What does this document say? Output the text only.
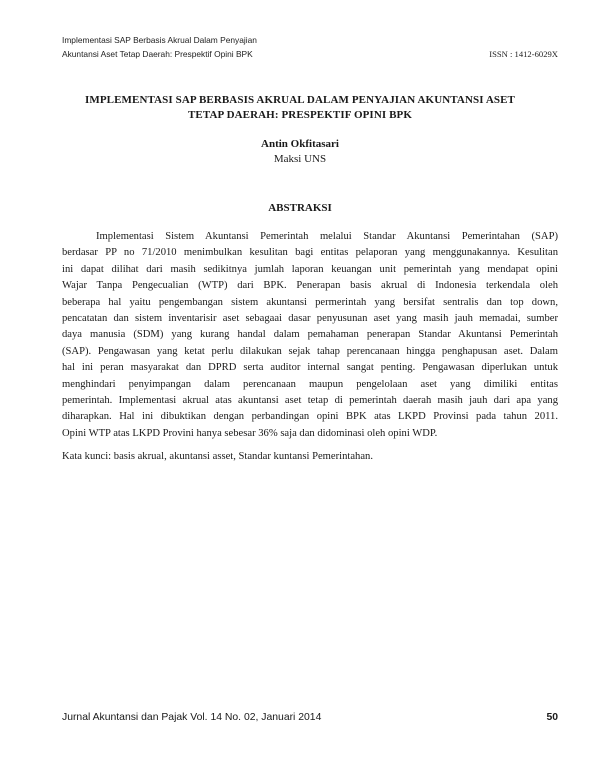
Implementasi SAP Berbasis Akrual Dalam Penyajian
Akuntansi Aset Tetap Daerah: Prespektif Opini BPK	ISSN : 1412-6029X
IMPLEMENTASI SAP BERBASIS AKRUAL DALAM PENYAJIAN AKUNTANSI ASET
TETAP DAERAH: PRESPEKTIF OPINI BPK
Antin Okfitasari
Maksi UNS
ABSTRAKSI
Implementasi Sistem Akuntansi Pemerintah melalui Standar Akuntansi Pemerintahan (SAP)
berdasar PP no 71/2010 menimbulkan kesulitan bagi entitas pelaporan yang menggunakannya. Kesulitan
ini dapat dilihat dari masih sedikitnya jumlah laporan keuangan unit pemerintah yang mendapat opini
Wajar Tanpa Pengecualian (WTP) dari BPK. Penerapan basis akrual di Indonesia terkendala oleh
beberapa hal yaitu pengembangan sistem akuntansi permerintah yang bersifat sentralis dan top down,
pencatatan dan sistem inventarisir aset sebagaai dasar penyusunan aset yang masih jauh memadai, sumber
daya manusia (SDM) yang kurang handal dalam pemahaman penerapan Standar Akuntansi Pemerintah
(SAP). Pengawasan yang ketat perlu dilakukan sejak tahap perencanaan hingga penghapusan aset. Dalam
hal ini peran masyarakat dan DPRD serta auditor internal sangat penting. Pengawasan diperlukan untuk
menghindari penyimpangan dalam perencanaan maupun pengelolaan aset yang dimiliki entitas
pemerintah. Implementasi akrual atas akuntansi aset tetap di pemerintah daerah masih jauh dari apa yang
diharapkan. Hal ini dibuktikan dengan perbandingan opini BPK atas LKPD Provinsi pada tahun 2011.
Opini WTP atas LKPD Provini hanya sebesar 36% saja dan didominasi oleh opini WDP.
Kata kunci: basis akrual, akuntansi asset, Standar kuntansi Pemerintahan.
Jurnal Akuntansi dan Pajak Vol. 14 No. 02, Januari 2014	50
